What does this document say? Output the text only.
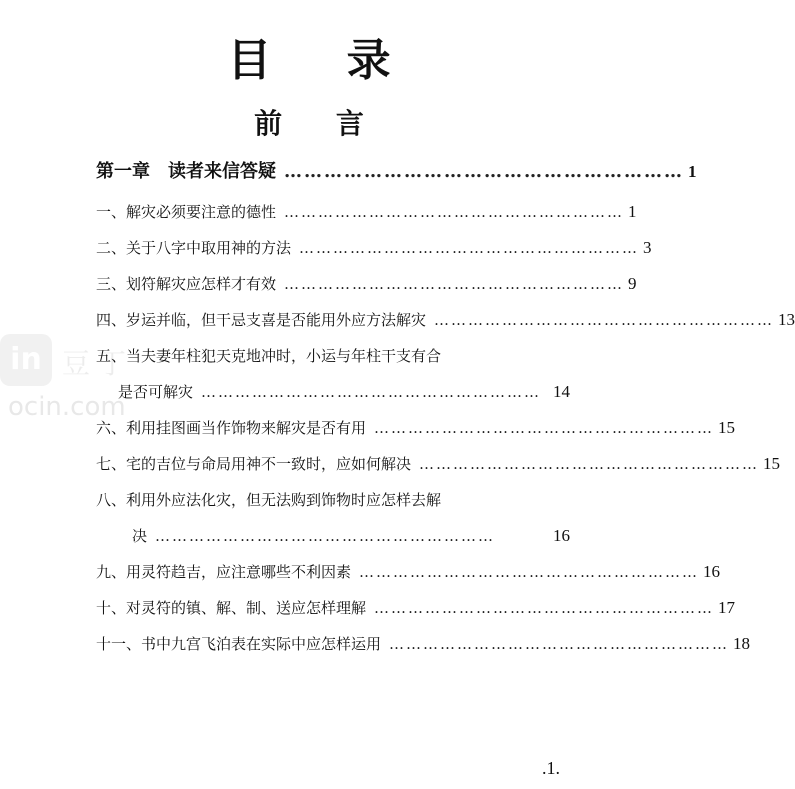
in 豆丁
ocin.com
目 录
前 言
第一章　读者来信答疑 …………………………………………………… 1
一、解灾必须要注意的德性 …………………………………………………… 1
二、关于八字中取用神的方法 …………………………………………………… 3
三、划符解灾应怎样才有效 …………………………………………………… 9
四、岁运并临，但干忌支喜是否能用外应方法解灾 …………………………………………………… 13
五、当夫妻年柱犯天克地冲时，小运与年柱干支有合
是否可解灾 …………………………………………………… 14
六、利用挂图画当作饰物来解灾是否有用 …………………………………………………… 15
七、宅的吉位与命局用神不一致时，应如何解决 …………………………………………………… 15
八、利用外应法化灾，但无法购到饰物时应怎样去解
决 ……………………………………………………	16
九、用灵符趋吉，应注意哪些不利因素 …………………………………………………… 16
十、对灵符的镇、解、制、送应怎样理解 …………………………………………………… 17
十一、书中九宫飞泊表在实际中应怎样运用 …………………………………………………… 18
.1.
